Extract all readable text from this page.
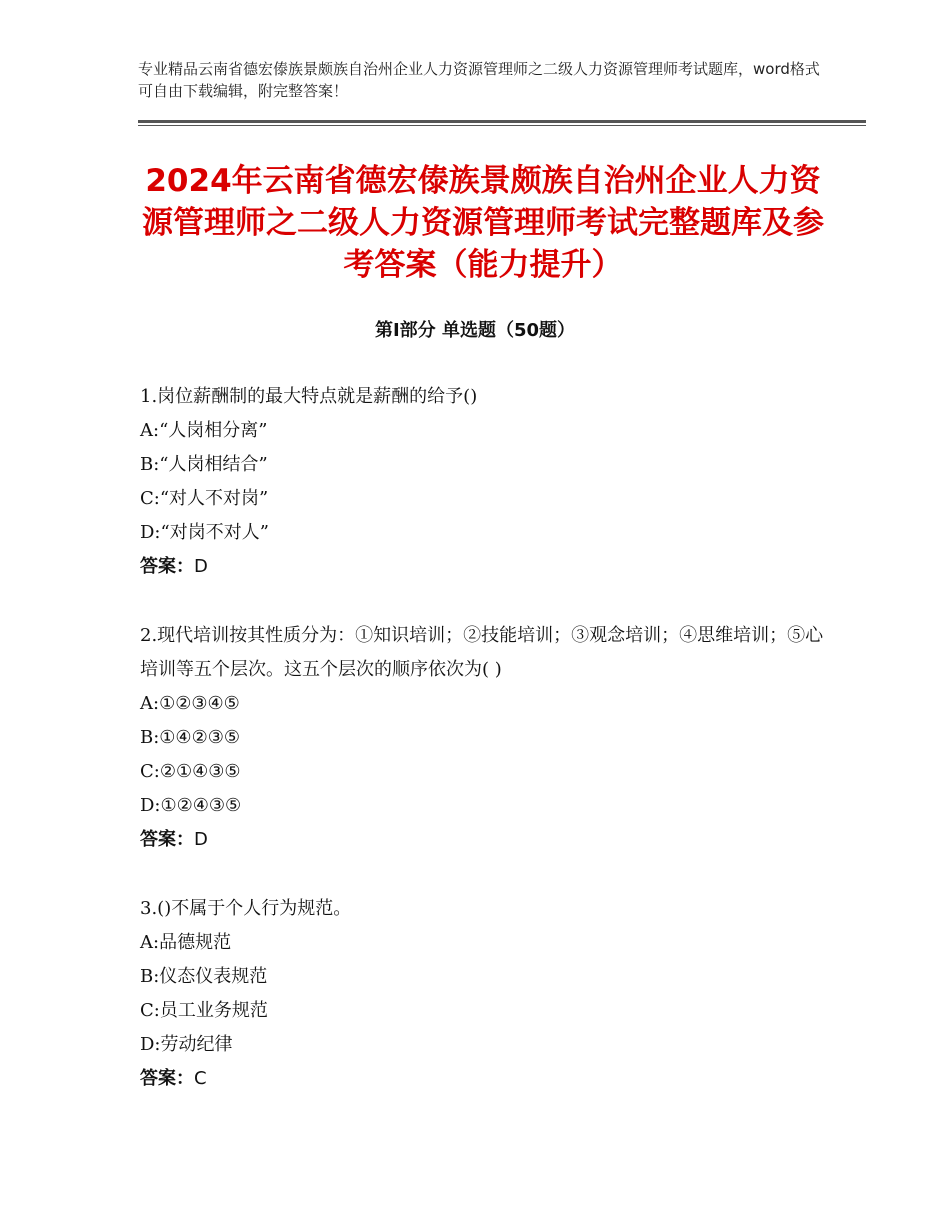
专业精品云南省德宏傣族景颇族自治州企业人力资源管理师之二级人力资源管理师考试题库，word格式可自由下载编辑，附完整答案！
2024年云南省德宏傣族景颇族自治州企业人力资源管理师之二级人力资源管理师考试完整题库及参考答案（能力提升）
第Ⅰ部分 单选题（50题）
1.岗位薪酬制的最大特点就是薪酬的给予()
A:“人岗相分离”
B:“人岗相结合”
C:“对人不对岗”
D:“对岗不对人”
答案：D
2.现代培训按其性质分为：①知识培训；②技能培训；③观念培训；④思维培训；⑤心培训等五个层次。这五个层次的顺序依次为( )
A:①②③④⑤
B:①④②③⑤
C:②①④③⑤
D:①②④③⑤
答案：D
3.()不属于个人行为规范。
A:品德规范
B:仪态仪表规范
C:员工业务规范
D:劳动纪律
答案：C
